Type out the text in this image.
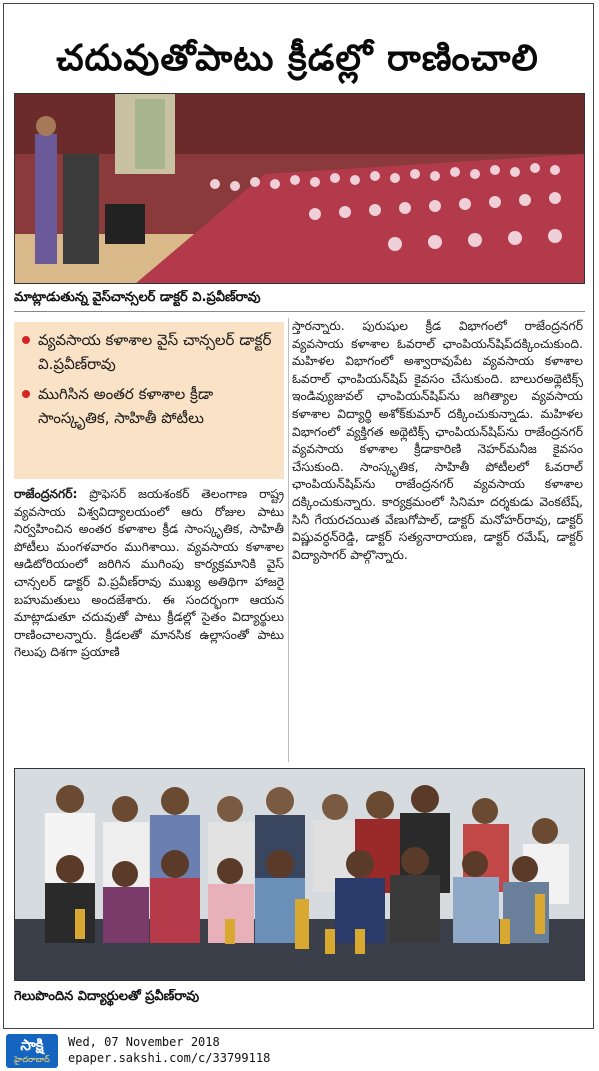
చదువుతోపాటు క్రీడల్లో రాణించాలి
మాట్లాడుతున్న వైస్‌చాన్సలర్‌ డాక్టర్‌ వి.ప్రవీణ్‌రావు
వ్యవసాయ కళాశాల వైస్‌ చాన్సలర్‌ డాక్టర్‌ వి.ప్రవీణ్‌రావు
ముగిసిన అంతర కళాశాల క్రీడా సాంస్కృతిక, సాహితీ పోటీలు

రాజేంద్రనగర్‌: ప్రొఫెసర్‌ జయశంకర్‌ తెలంగాణ రాష్ట్ర వ్యవసాయ విశ్వవిద్యాలయంలో ఆరు రోజుల పాటు నిర్వహించిన అంతర కళాశాల క్రీడ సాంస్కృతిక, సాహితీ పోటీలు మంగళవారం ముగిశాయి. వ్యవసాయ కళాశాల ఆడిటోరియంలో జరిగిన ముగింపు కార్యక్రమానికి వైస్‌ చాన్సలర్‌ డాక్టర్‌ వి.ప్రవీణ్‌రావు ముఖ్య అతిథిగా హాజరై బహుమతులు అందజేశారు. ఈ సందర్భంగా ఆయన మాట్లాడుతూ చదువుతో పాటు క్రీడల్లో సైతం విద్యార్థులు రాణించాలన్నారు. క్రీడలతో మానసిక ఉల్లాసంతో పాటు గెలుపు దిశగా ప్రయాణి

స్తారన్నారు. పురుషుల క్రీడ విభాగంలో రాజేంద్రనగర్‌ వ్యవసాయ కళాశాల ఓవరాల్‌ ఛాంపియన్‌షిప్‌దక్కించుకుంది. మహిళల విభాగంలో అశ్వారావుపేట వ్యవసాయ కళాశాల ఓవరాల్‌ ఛాంపియన్‌షిప్‌ కైవసం చేసుకుంది. బాలురఅథ్లెటిక్స్‌ ఇండివ్యుజువల్‌ ఛాంపియన్‌షిప్‌ను జగిత్యాల వ్యవసాయ కళాశాల విద్యార్థి అశోక్‌కుమార్‌ దక్కించుకున్నాడు. మహిళల విభాగంలో వ్యక్తిగత అథ్లెటిక్స్‌ ఛాంపియన్‌షిప్‌ను రాజేంద్రనగర్‌ వ్యవసాయ కళాశాల క్రీడాకారిణి నెహర్‌మనీజ కైవసం చేసుకుంది. సాంస్కృతిక, సాహితీ పోటీలలో ఓవరాల్‌ ఛాంపియన్‌షిప్‌ను రాజేంద్రనగర్‌ వ్యవసాయ కళాశాల దక్కించుకున్నారు. కార్యక్రమంలో సినిమా దర్శకుడు వెంకటేష్‌, సినీ గేయరచయిత వేణుగోపాల్‌, డాక్టర్‌ మనోహర్‌రావు, డాక్టర్‌ విష్ణువర్ధన్‌రెడ్డి, డాక్టర్‌ సత్యనారాయణ, డాక్టర్‌ రమేష్‌, డాక్టర్‌ విద్యాసాగర్‌ పాల్గొన్నారు.

గెలుపొందిన విద్యార్థులతో ప్రవీణ్‌రావు
సాక్షి
హైదరాబాద్
Wed, 07 November 2018
epaper.sakshi.com/c/33799118
